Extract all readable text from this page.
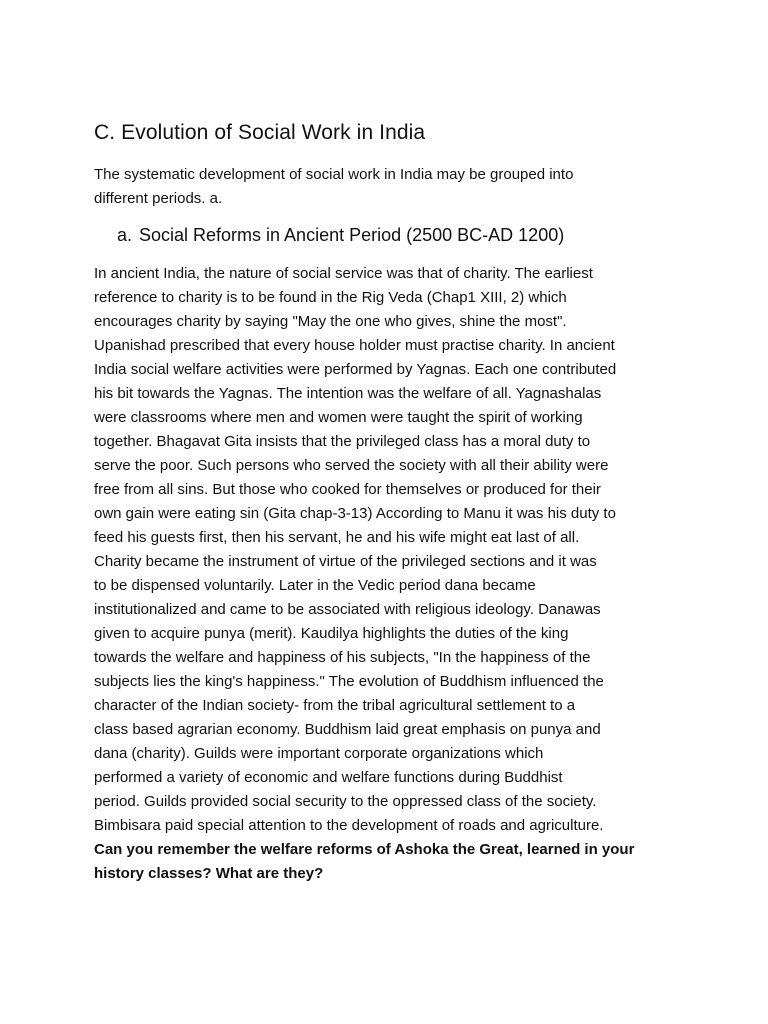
C. Evolution of Social Work in India

The systematic development of social work in India may be grouped into
different periods. a.

a. Social Reforms in Ancient Period (2500 BC-AD 1200)

In ancient India, the nature of social service was that of charity. The earliest
reference to charity is to be found in the Rig Veda (Chap1 XIII, 2) which
encourages charity by saying "May the one who gives, shine the most".
Upanishad prescribed that every house holder must practise charity. In ancient
India social welfare activities were performed by Yagnas. Each one contributed
his bit towards the Yagnas. The intention was the welfare of all. Yagnashalas
were classrooms where men and women were taught the spirit of working
together. Bhagavat Gita insists that the privileged class has a moral duty to
serve the poor. Such persons who served the society with all their ability were
free from all sins. But those who cooked for themselves or produced for their
own gain were eating sin (Gita chap-3-13) According to Manu it was his duty to
feed his guests first, then his servant, he and his wife might eat last of all.
Charity became the instrument of virtue of the privileged sections and it was
to be dispensed voluntarily. Later in the Vedic period dana became
institutionalized and came to be associated with religious ideology. Danawas
given to acquire punya (merit). Kaudilya highlights the duties of the king
towards the welfare and happiness of his subjects, "In the happiness of the
subjects lies the king's happiness." The evolution of Buddhism influenced the
character of the Indian society- from the tribal agricultural settlement to a
class based agrarian economy. Buddhism laid great emphasis on punya and
dana (charity). Guilds were important corporate organizations which
performed a variety of economic and welfare functions during Buddhist
period. Guilds provided social security to the oppressed class of the society.
Bimbisara paid special attention to the development of roads and agriculture.
Can you remember the welfare reforms of Ashoka the Great, learned in your
history classes? What are they?
